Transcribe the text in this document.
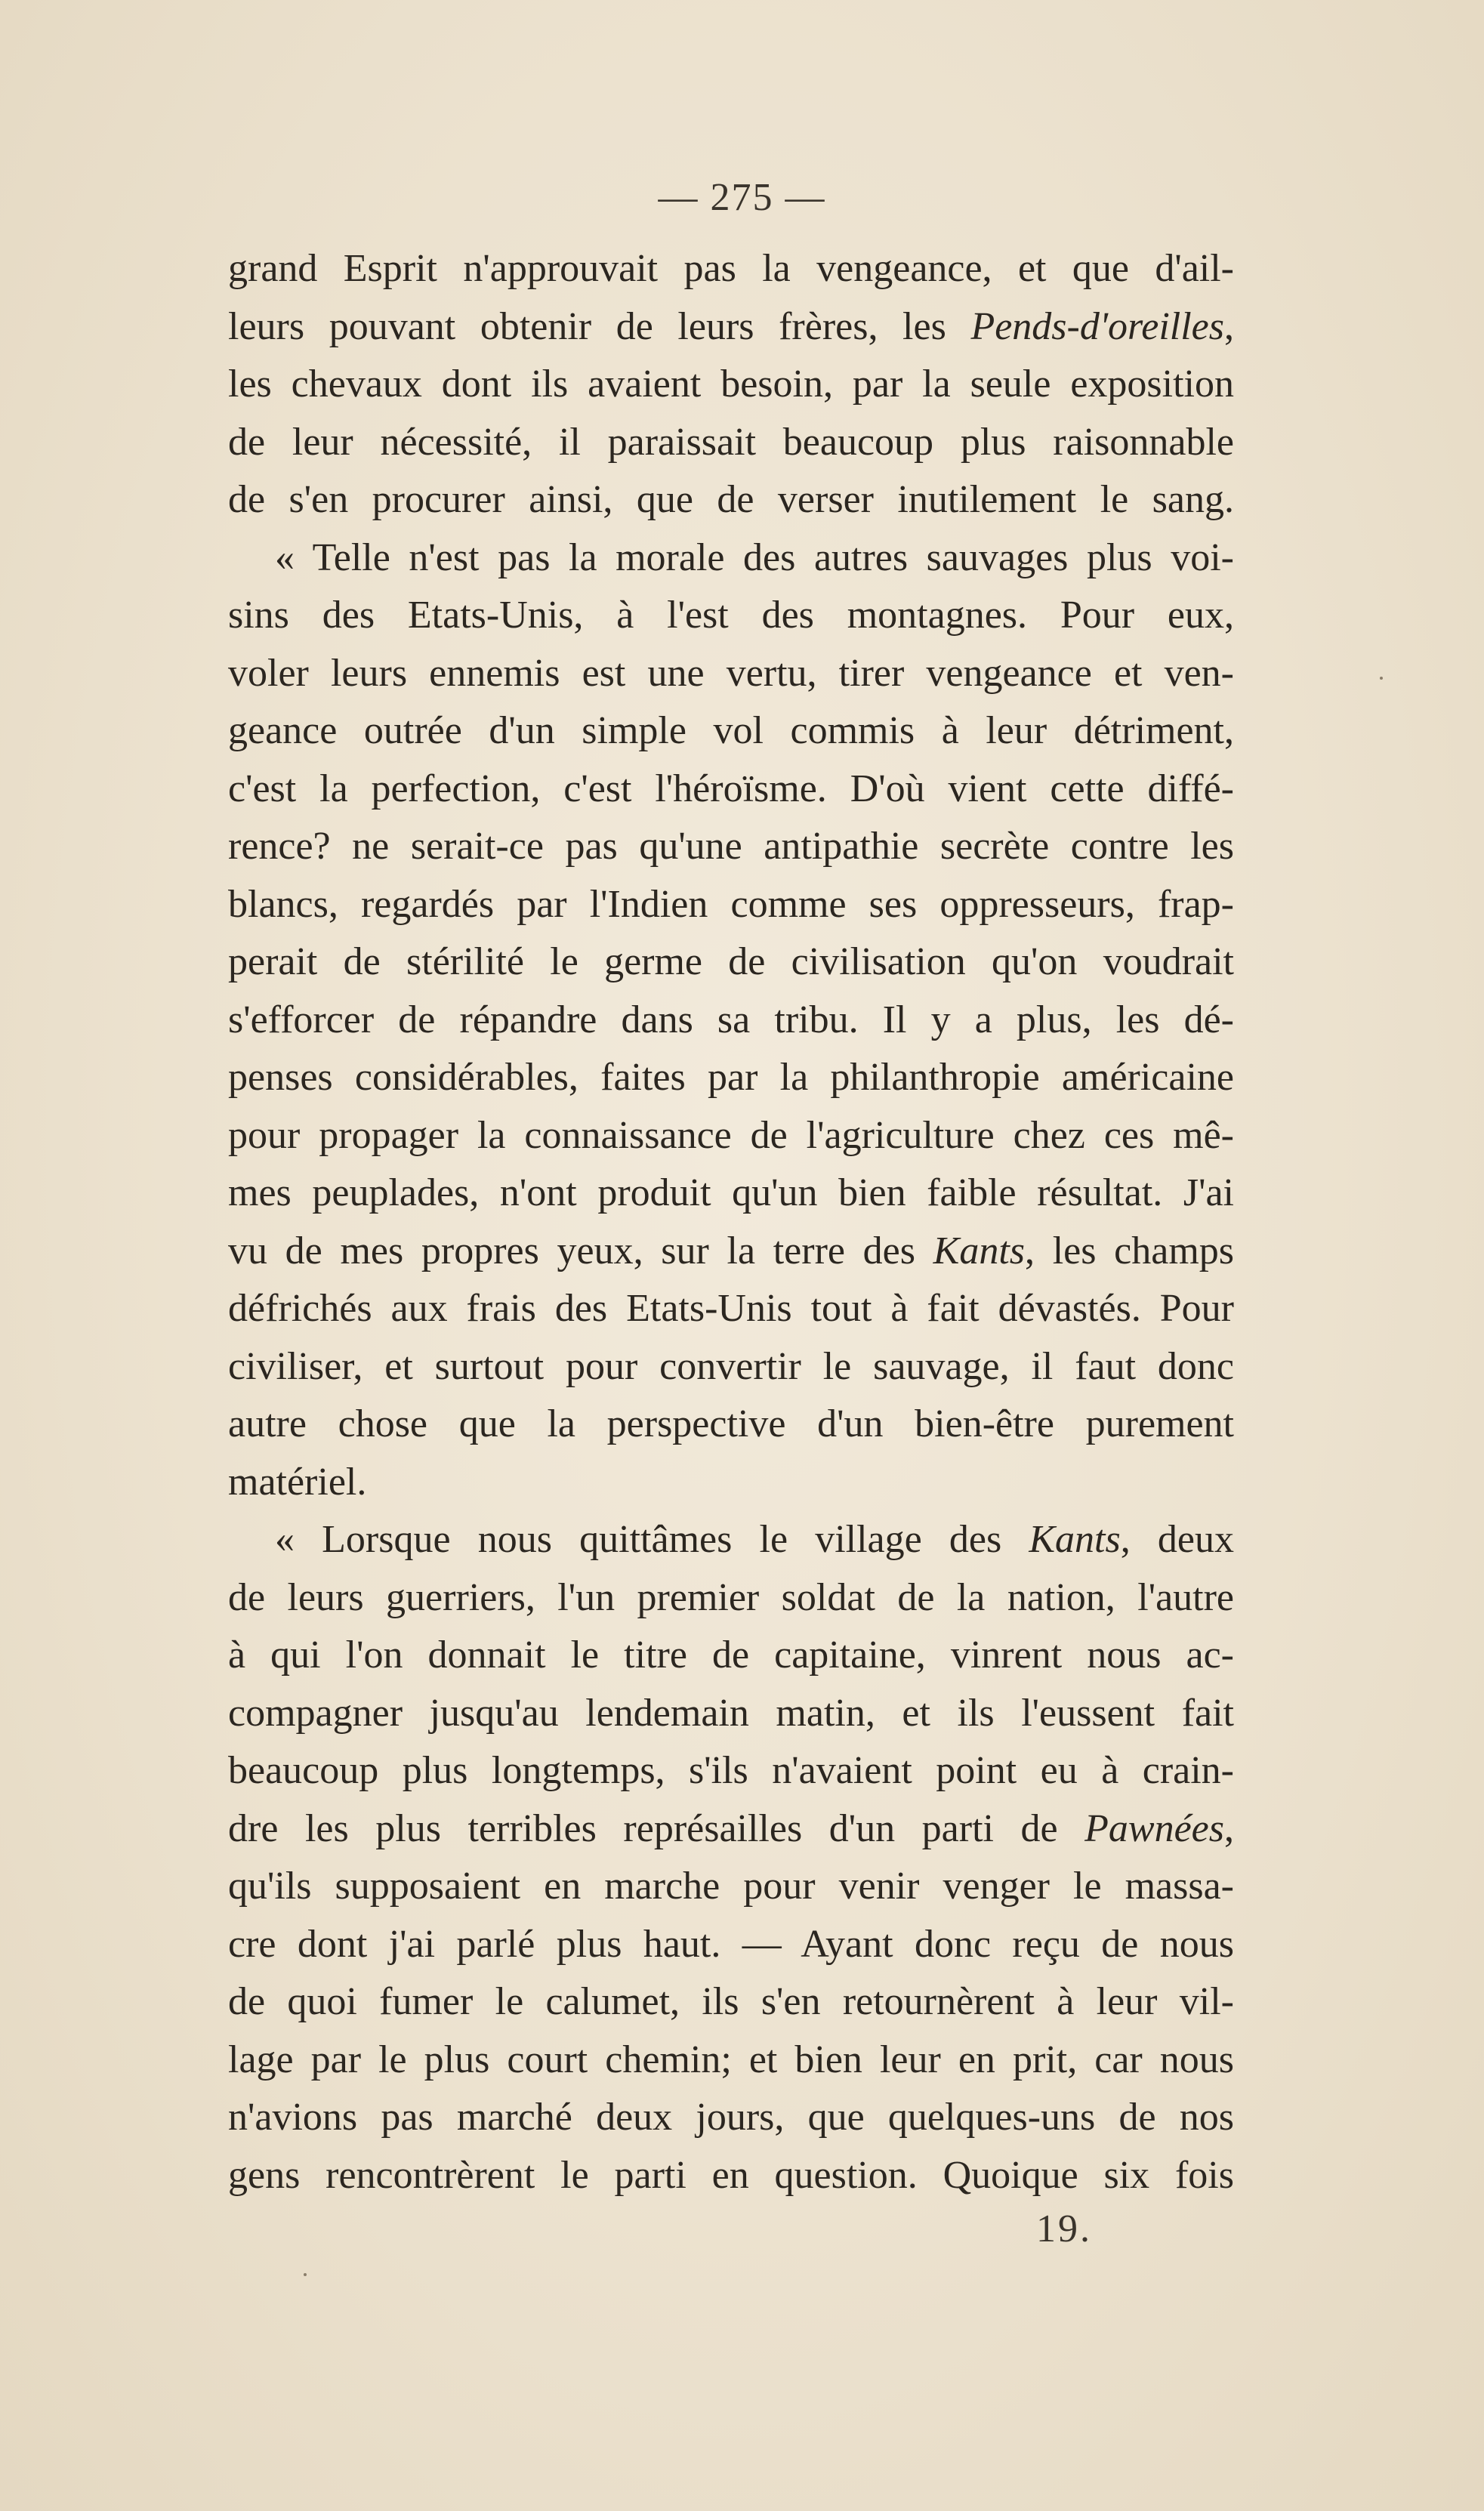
— 275 —
grand Esprit n'approuvait pas la vengeance, et que d'ail-
leurs pouvant obtenir de leurs frères, les Pends-d'oreilles,
les chevaux dont ils avaient besoin, par la seule exposition
de leur nécessité, il paraissait beaucoup plus raisonnable
de s'en procurer ainsi, que de verser inutilement le sang.
« Telle n'est pas la morale des autres sauvages plus voi-
sins des Etats-Unis, à l'est des montagnes. Pour eux,
voler leurs ennemis est une vertu, tirer vengeance et ven-
geance outrée d'un simple vol commis à leur détriment,
c'est la perfection, c'est l'héroïsme. D'où vient cette diffé-
rence? ne serait-ce pas qu'une antipathie secrète contre les
blancs, regardés par l'Indien comme ses oppresseurs, frap-
perait de stérilité le germe de civilisation qu'on voudrait
s'efforcer de répandre dans sa tribu. Il y a plus, les dé-
penses considérables, faites par la philanthropie américaine
pour propager la connaissance de l'agriculture chez ces mê-
mes peuplades, n'ont produit qu'un bien faible résultat. J'ai
vu de mes propres yeux, sur la terre des Kants, les champs
défrichés aux frais des Etats-Unis tout à fait dévastés. Pour
civiliser, et surtout pour convertir le sauvage, il faut donc
autre chose que la perspective d'un bien-être purement
matériel.
« Lorsque nous quittâmes le village des Kants, deux
de leurs guerriers, l'un premier soldat de la nation, l'autre
à qui l'on donnait le titre de capitaine, vinrent nous ac-
compagner jusqu'au lendemain matin, et ils l'eussent fait
beaucoup plus longtemps, s'ils n'avaient point eu à crain-
dre les plus terribles représailles d'un parti de Pawnées,
qu'ils supposaient en marche pour venir venger le massa-
cre dont j'ai parlé plus haut. — Ayant donc reçu de nous
de quoi fumer le calumet, ils s'en retournèrent à leur vil-
lage par le plus court chemin; et bien leur en prit, car nous
n'avions pas marché deux jours, que quelques-uns de nos
gens rencontrèrent le parti en question. Quoique six fois
19.
